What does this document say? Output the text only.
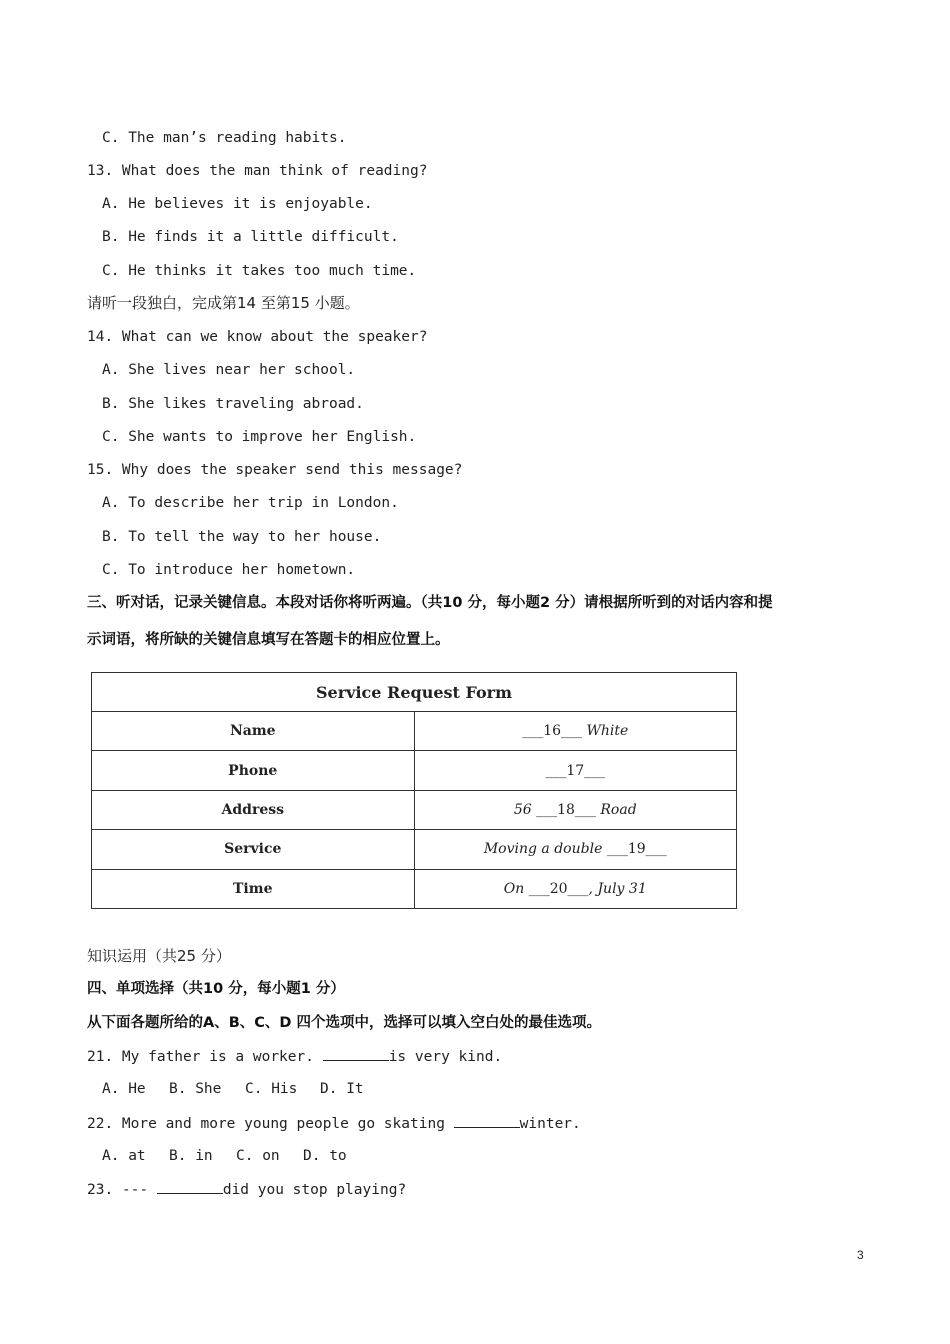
C. The man’s reading habits.
13. What does the man think of reading?
A. He believes it is enjoyable.
B. He finds it a little difficult.
C. He thinks it takes too much time.
请听一段独白，完成第14 至第15 小题。
14. What can we know about the speaker?
A. She lives near her school.
B. She likes traveling abroad.
C. She wants to improve her English.
15. Why does the speaker send this message?
A. To describe her trip in London.
B. To tell the way to her house.
C. To introduce her hometown.
三、听对话，记录关键信息。本段对话你将听两遍。（共10 分，每小题2 分）请根据所听到的对话内容和提
示词语，将所缺的关键信息填写在答题卡的相应位置上。
Service Request Form	
Name	___16___ White
Phone	___17___
Address	56 ___18___ Road
Service	Moving a double ___19___
Time	On ___20___, July 31
知识运用（共25 分）
四、单项选择（共10 分，每小题1 分）
从下面各题所给的A、B、C、D 四个选项中，选择可以填入空白处的最佳选项。
21. My father is a worker.	is very kind.
A. He B. She C. His D. It
22. More and more young people go skating	winter.
A. at B. in C. on D. to
23. ---	did you stop playing?
3
